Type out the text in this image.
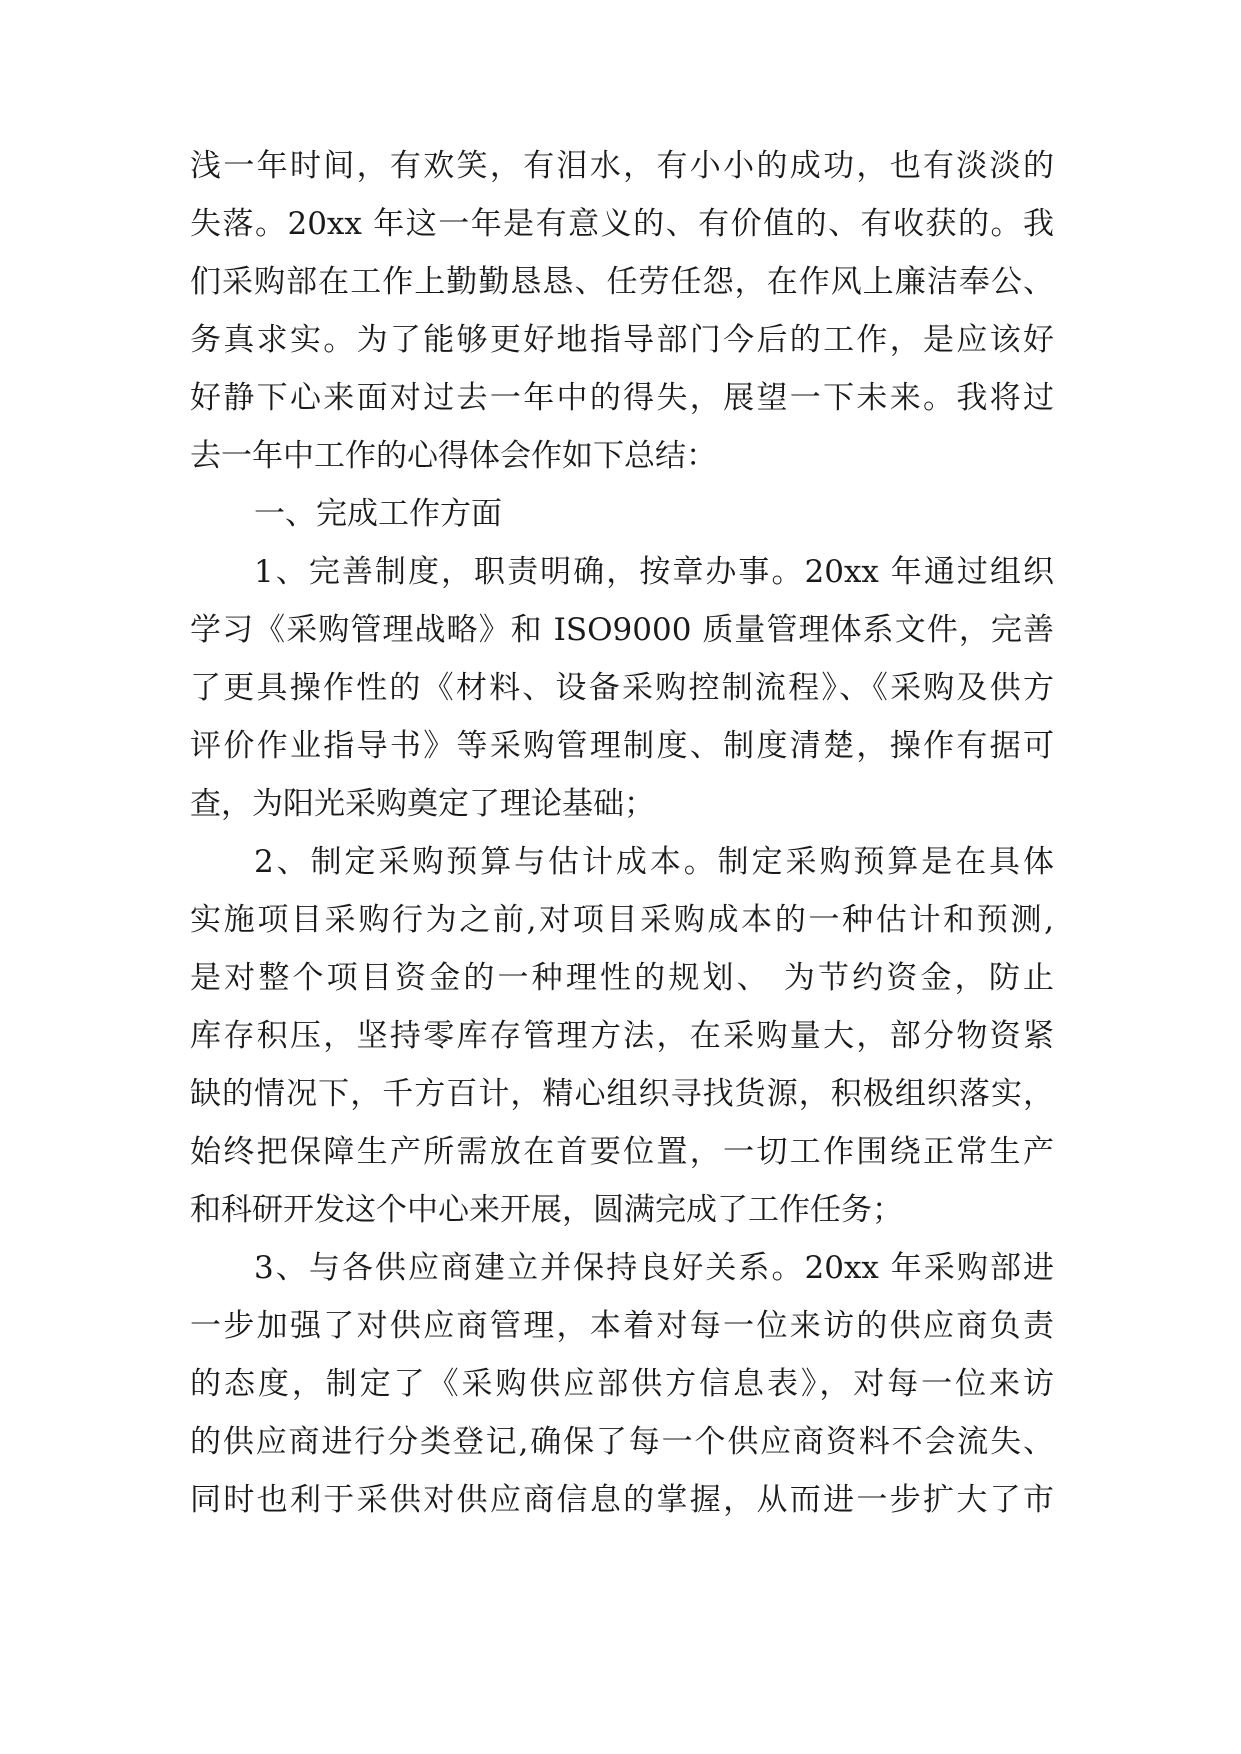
浅一年时间，有欢笑，有泪水，有小小的成功，也有淡淡的
失落。20xx 年这一年是有意义的、有价值的、有收获的。我
们采购部在工作上勤勤恳恳、任劳任怨，在作风上廉洁奉公、
务真求实。为了能够更好地指导部门今后的工作，是应该好
好静下心来面对过去一年中的得失，展望一下未来。我将过
去一年中工作的心得体会作如下总结：
一、完成工作方面
1、完善制度，职责明确，按章办事。20xx 年通过组织
学习《采购管理战略》和 ISO9000 质量管理体系文件，完善
了更具操作性的《材料、设备采购控制流程》、《采购及供方
评价作业指导书》等采购管理制度、制度清楚，操作有据可
查，为阳光采购奠定了理论基础；
2、制定采购预算与估计成本。制定采购预算是在具体
实施项目采购行为之前,对项目采购成本的一种估计和预测,
是对整个项目资金的一种理性的规划、 为节约资金，防止
库存积压，坚持零库存管理方法，在采购量大，部分物资紧
缺的情况下，千方百计，精心组织寻找货源，积极组织落实，
始终把保障生产所需放在首要位置，一切工作围绕正常生产
和科研开发这个中心来开展，圆满完成了工作任务；
3、与各供应商建立并保持良好关系。20xx 年采购部进
一步加强了对供应商管理，本着对每一位来访的供应商负责
的态度，制定了《采购供应部供方信息表》，对每一位来访
的供应商进行分类登记,确保了每一个供应商资料不会流失、
同时也利于采供对供应商信息的掌握，从而进一步扩大了市
